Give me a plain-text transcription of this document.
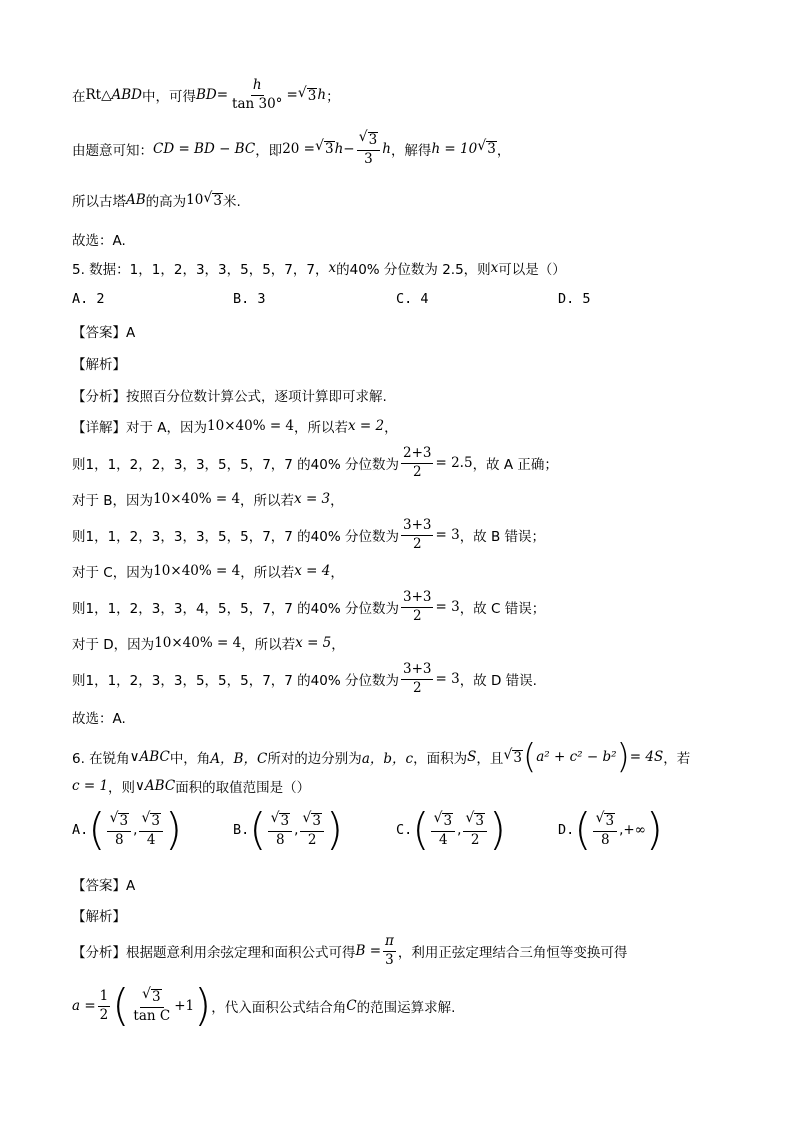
在 Rt △ ABD 中，可得 BD = $\frac{h}{\tan 30^\circ}$ = √ 3 h ；
由题意可知： CD = BD − BC ，即 20 = √ 3 $h - \frac{√ 3}{3}$ h ，解得 h = 10 √ 3 ，
所以古塔 AB 的高为 10 √ 3 米.
故选：A.
5. 数据：1，1，2，3，3，5，5，7，7， x 的40% 分位数为 2.5，则 x 可以是（）
A. 2	B. 3	C. 4	D. 5
【答案】A
【解析】
【分析】按照百分位数计算公式，逐项计算即可求解.
【详解】对于 A，因为 10×40% = 4 ，所以若 x = 2 ，
则1，1，2，2，3，3，5，5，7，7 的40% 分位数为 $\frac{2+3}{2} = 2.5$ ，故 A 正确；
对于 B，因为 10×40% = 4 ，所以若 x = 3 ，
则1，1，2，3，3，3，5，5，7，7 的40% 分位数为 $\frac{3+3}{2} = 3$ ，故 B 错误；
对于 C，因为 10×40% = 4 ，所以若 x = 4 ，
则1，1，2，3，3，4，5，5，7，7 的40% 分位数为 $\frac{3+3}{2} = 3$ ，故 C 错误；
对于 D，因为 10×40% = 4 ，所以若 x = 5 ，
则1，1，2，3，3，5，5，5，7，7 的40% 分位数为 $\frac{3+3}{2} = 3$ ，故 D 错误.
故选：A.
6. 在锐角 ∨ABC 中，角 A，B，C 所对的边分别为 a，b，c ，面积为 S ，且 √ 3 ( a² + c² − b² ) = 4S ，若
c = 1 ，则 ∨ABC 面积的取值范围是（）
A. ( $\frac{√ 3}{8}$ , $\frac{√ 3}{4}$ )	B. ( $\frac{√ 3}{8}$ , $\frac{√ 3}{2}$ )	C. ( $\frac{√ 3}{4}$ , $\frac{√ 3}{2}$ )	D. ( $\frac{√ 3}{8}$ , +∞ )
【答案】A
【解析】
【分析】根据题意利用余弦定理和面积公式可得 $B = \frac{\pi}{3}$ ，利用正弦定理结合三角恒等变换可得
$a = \frac{1}{2}$ ( $\frac{√ 3}{\text{tan C}} +1$ ) ，代入面积公式结合角 C 的范围运算求解.
